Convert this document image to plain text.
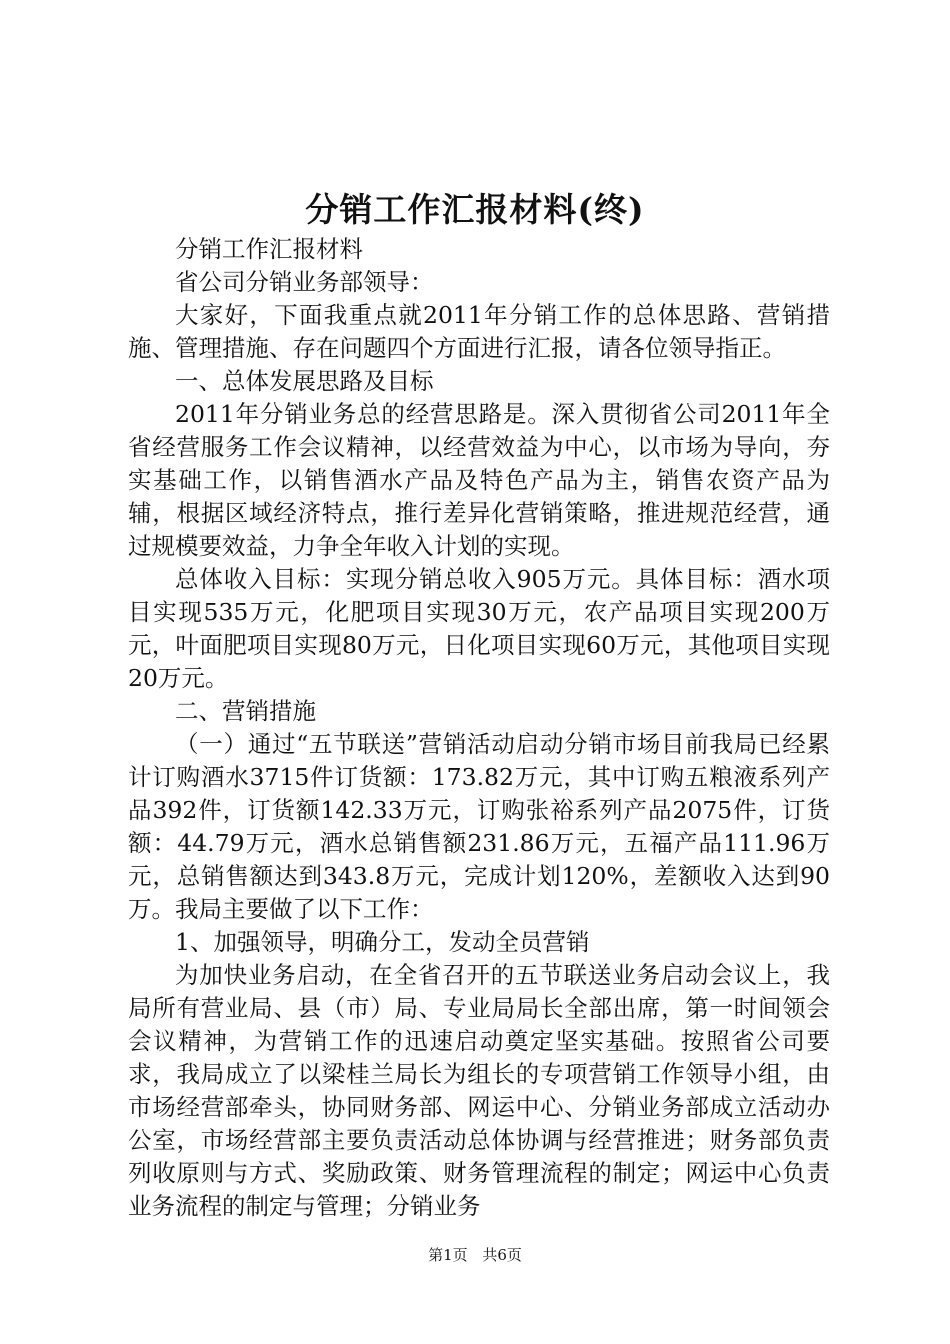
分销工作汇报材料(终)

分销工作汇报材料

省公司分销业务部领导：

大家好，下面我重点就2011年分销工作的总体思路、营销措施、管理措施、存在问题四个方面进行汇报，请各位领导指正。

一、总体发展思路及目标

2011年分销业务总的经营思路是。深入贯彻省公司2011年全省经营服务工作会议精神，以经营效益为中心，以市场为导向，夯实基础工作，以销售酒水产品及特色产品为主，销售农资产品为辅，根据区域经济特点，推行差异化营销策略，推进规范经营，通过规模要效益，力争全年收入计划的实现。

总体收入目标：实现分销总收入905万元。具体目标：酒水项目实现535万元，化肥项目实现30万元，农产品项目实现200万元，叶面肥项目实现80万元，日化项目实现60万元，其他项目实现20万元。

二、营销措施

（一）通过“五节联送”营销活动启动分销市场目前我局已经累计订购酒水3715件订货额：173.82万元，其中订购五粮液系列产品392件，订货额142.33万元，订购张裕系列产品2075件，订货额：44.79万元，酒水总销售额231.86万元，五福产品111.96万元，总销售额达到343.8万元，完成计划120%，差额收入达到90万。我局主要做了以下工作：

1、加强领导，明确分工，发动全员营销

为加快业务启动，在全省召开的五节联送业务启动会议上，我局所有营业局、县（市）局、专业局局长全部出席，第一时间领会会议精神，为营销工作的迅速启动奠定坚实基础。按照省公司要求，我局成立了以梁桂兰局长为组长的专项营销工作领导小组，由市场经营部牵头，协同财务部、网运中心、分销业务部成立活动办公室，市场经营部主要负责活动总体协调与经营推进；财务部负责列收原则与方式、奖励政策、财务管理流程的制定；网运中心负责业务流程的制定与管理；分销业务

第1页 共6页
